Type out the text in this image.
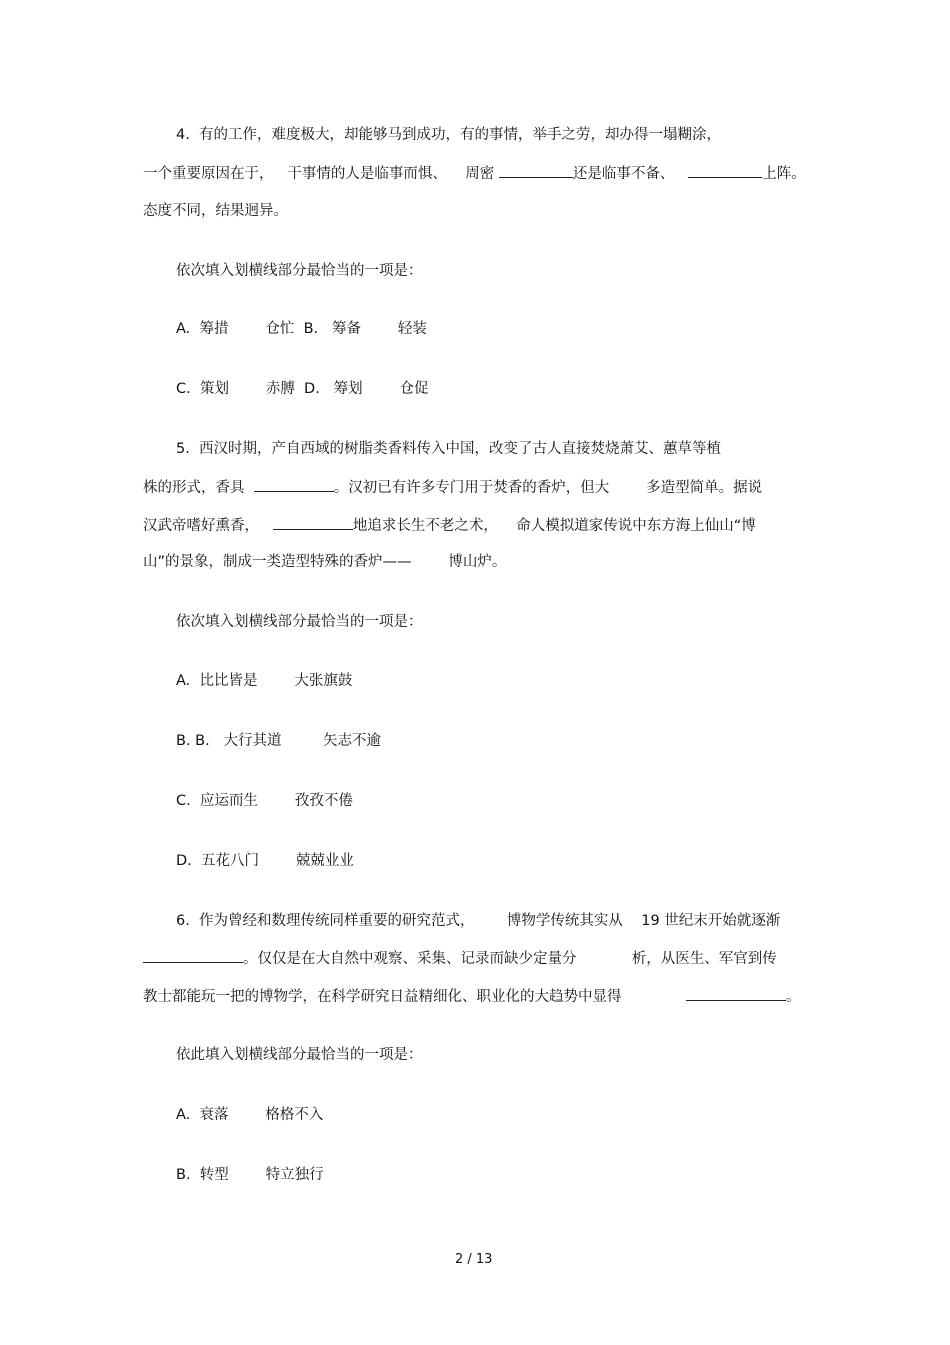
4.  有的工作，难度极大，却能够马到成功，有的事情，举手之劳，却办得一塌糊涂，
一个重要原因在于，   干事情的人是临事而惧、    周密	还是临事不备、	上阵。
态度不同，结果迥异。
依次填入划横线部分最恰当的一项是：
A.  筹措        仓忙  B.   筹备        轻装
C.  策划        赤膊  D.   筹划        仓促
5.  西汉时期，产自西域的树脂类香料传入中国，改变了古人直接焚烧萧艾、蕙草等植
株的形式，香具	。汉初已有许多专门用于焚香的香炉，但大        多造型简单。据说
汉武帝嗜好熏香，	地追求长生不老之术，    命人模拟道家传说中东方海上仙山“博
山”的景象，制成一类造型特殊的香炉——        博山炉。
依次填入划横线部分最恰当的一项是：
A.  比比皆是        大张旗鼓
B. B.   大行其道         矢志不逾
C.  应运而生        孜孜不倦
D.  五花八门        兢兢业业
6.  作为曾经和数理传统同样重要的研究范式，       博物学传统其实从    19 世纪末开始就逐渐
。仅仅是在大自然中观察、采集、记录而缺少定量分            析，从医生、军官到传
教士都能玩一把的博物学，在科学研究日益精细化、职业化的大趋势中显得	。
依此填入划横线部分最恰当的一项是：
A.  衰落        格格不入
B.  转型        特立独行
2 / 13
